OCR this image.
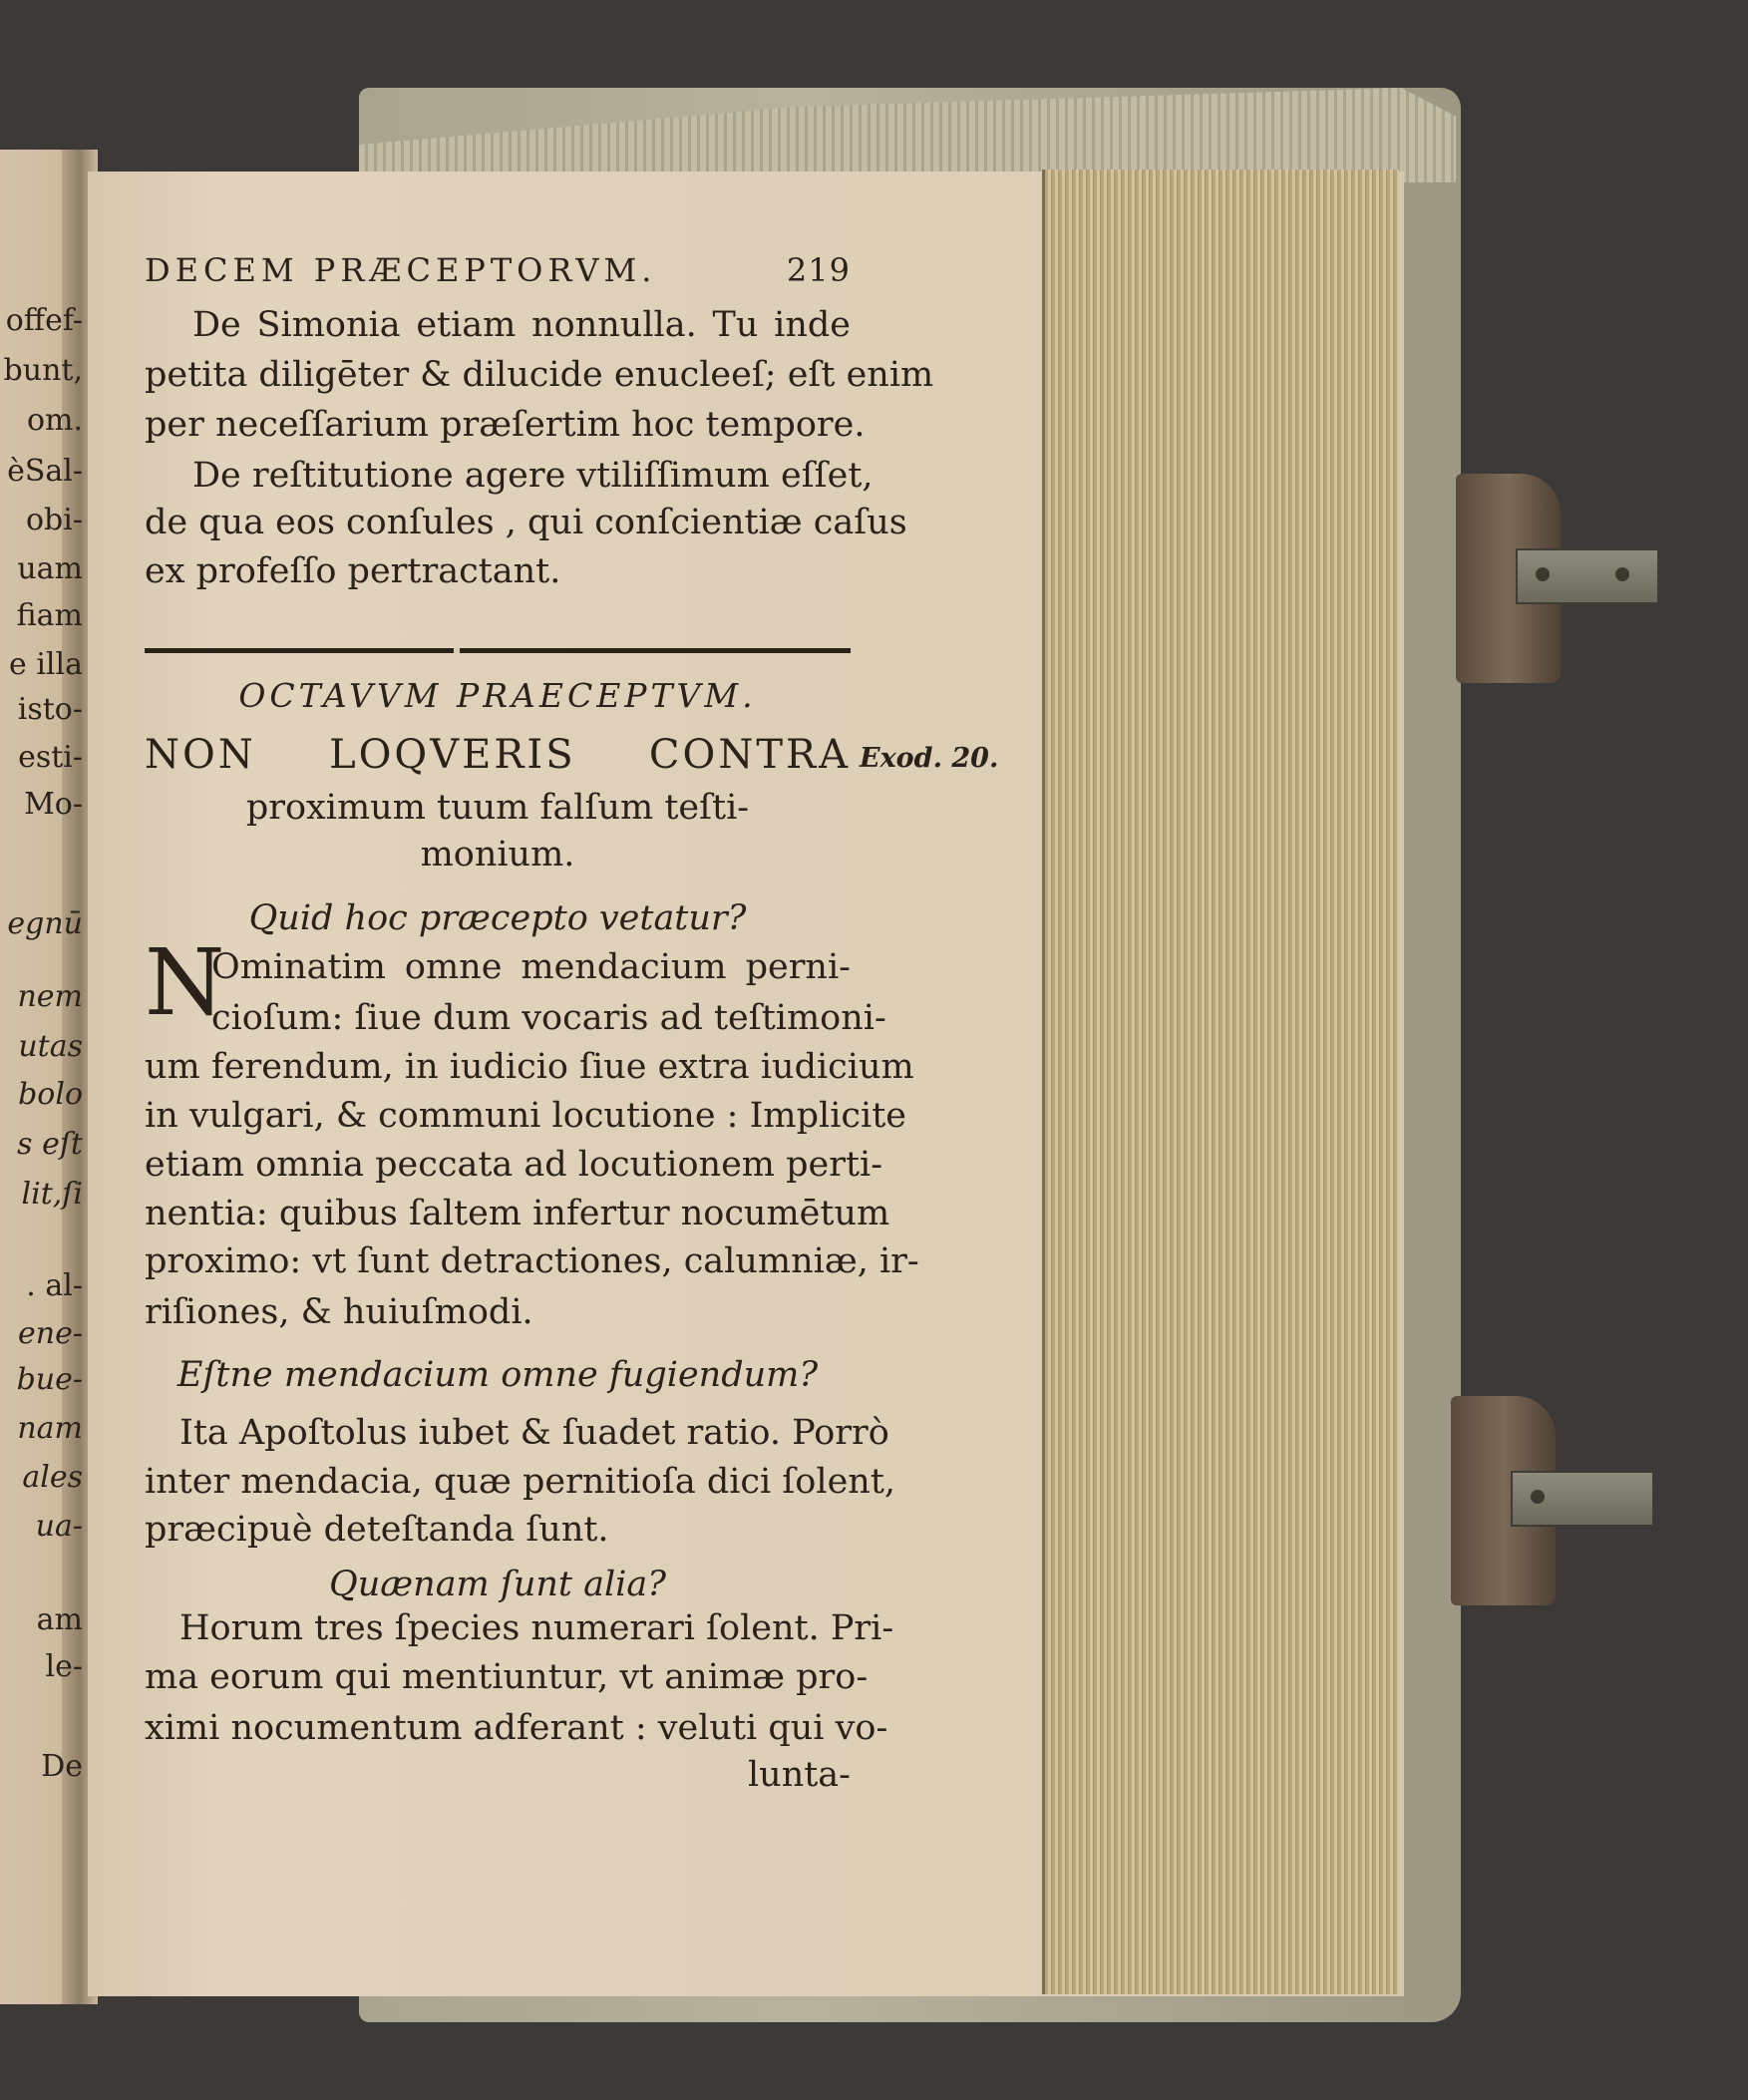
offef-
bunt,
om.
èSal-
obi-
uam
fiam
e illa
isto-
esti-
Mo-
egnū
nem
utas
bolo
s eſt
lit,ſi
. al-
ene-
bue-
nam
ales
ua-
am
le-
De
DECEM PRÆCEPTORVM.	219
De Simonia etiam nonnulla. Tu inde
petita diligēter & dilucide enucleeſ; eſt enim
per neceſſarium præſertim hoc tempore.
De reſtitutione agere vtiliſſimum eſſet,
de qua eos conſules , qui conſcientiæ caſus
ex profeſſo pertractant.
OCTAVVM PRAECEPTVM.
NON LOQVERIS CONTRA Exod. 20.
proximum tuum falſum teſti-
monium.
Quid hoc præcepto vetatur?
N
Ominatim omne mendacium perni-
cioſum: ſiue dum vocaris ad teſtimoni-
um ferendum, in iudicio ſiue extra iudicium
in vulgari, & communi locutione : Implicite
etiam omnia peccata ad locutionem perti-
nentia: quibus ſaltem infertur nocumētum
proximo: vt ſunt detractiones, calumniæ, ir-
riſiones, & huiuſmodi.
Eſtne mendacium omne fugiendum?
Ita Apoſtolus iubet & ſuadet ratio. Porrò
inter mendacia, quæ pernitioſa dici ſolent,
præcipuè deteſtanda ſunt.
Quænam ſunt alia?
Horum tres ſpecies numerari ſolent. Pri-
ma eorum qui mentiuntur, vt animæ pro-
ximi nocumentum adferant : veluti qui vo-
lunta-
